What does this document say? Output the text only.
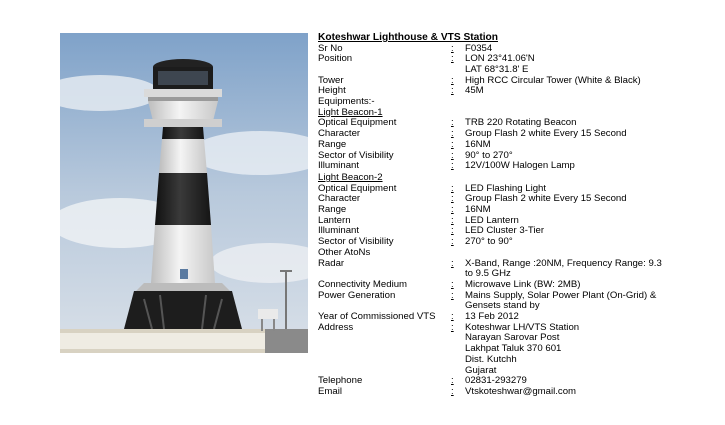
Koteshwar Lighthouse & VTS Station
Sr No	:	F0354
Position	:	LON 23°41.06'N
LAT 68°31.8' E
Tower	:	High RCC Circular Tower (White & Black)
Height	:	45M
Equipments:-
Light Beacon-1
Optical Equipment	:	TRB 220 Rotating Beacon
Character	:	Group Flash 2 white Every 15 Second
Range	:	16NM
Sector of Visibility	:	90° to 270°
Illuminant	:	12V/100W Halogen Lamp
Light Beacon-2
Optical Equipment	:	LED Flashing Light
Character	:	Group Flash 2 white Every 15 Second
Range	:	16NM
Lantern	:	LED Lantern
Illuminant	:	LED Cluster 3-Tier
Sector of Visibility	:	270° to 90°
Other AtoNs
Radar	:	X-Band, Range :20NM, Frequency Range: 9.3
to 9.5 GHz
Connectivity Medium	:	Microwave Link (BW: 2MB)
Power Generation	:	Mains Supply, Solar Power Plant (On-Grid) &
Gensets stand by
Year of Commissioned VTS	:	13 Feb 2012
Address	:	Koteshwar LH/VTS Station
Narayan Sarovar Post
Lakhpat Taluk 370 601
Dist. Kutchh
Gujarat
Telephone	:	02831-293279
Email	:	Vtskoteshwar@gmail.com
